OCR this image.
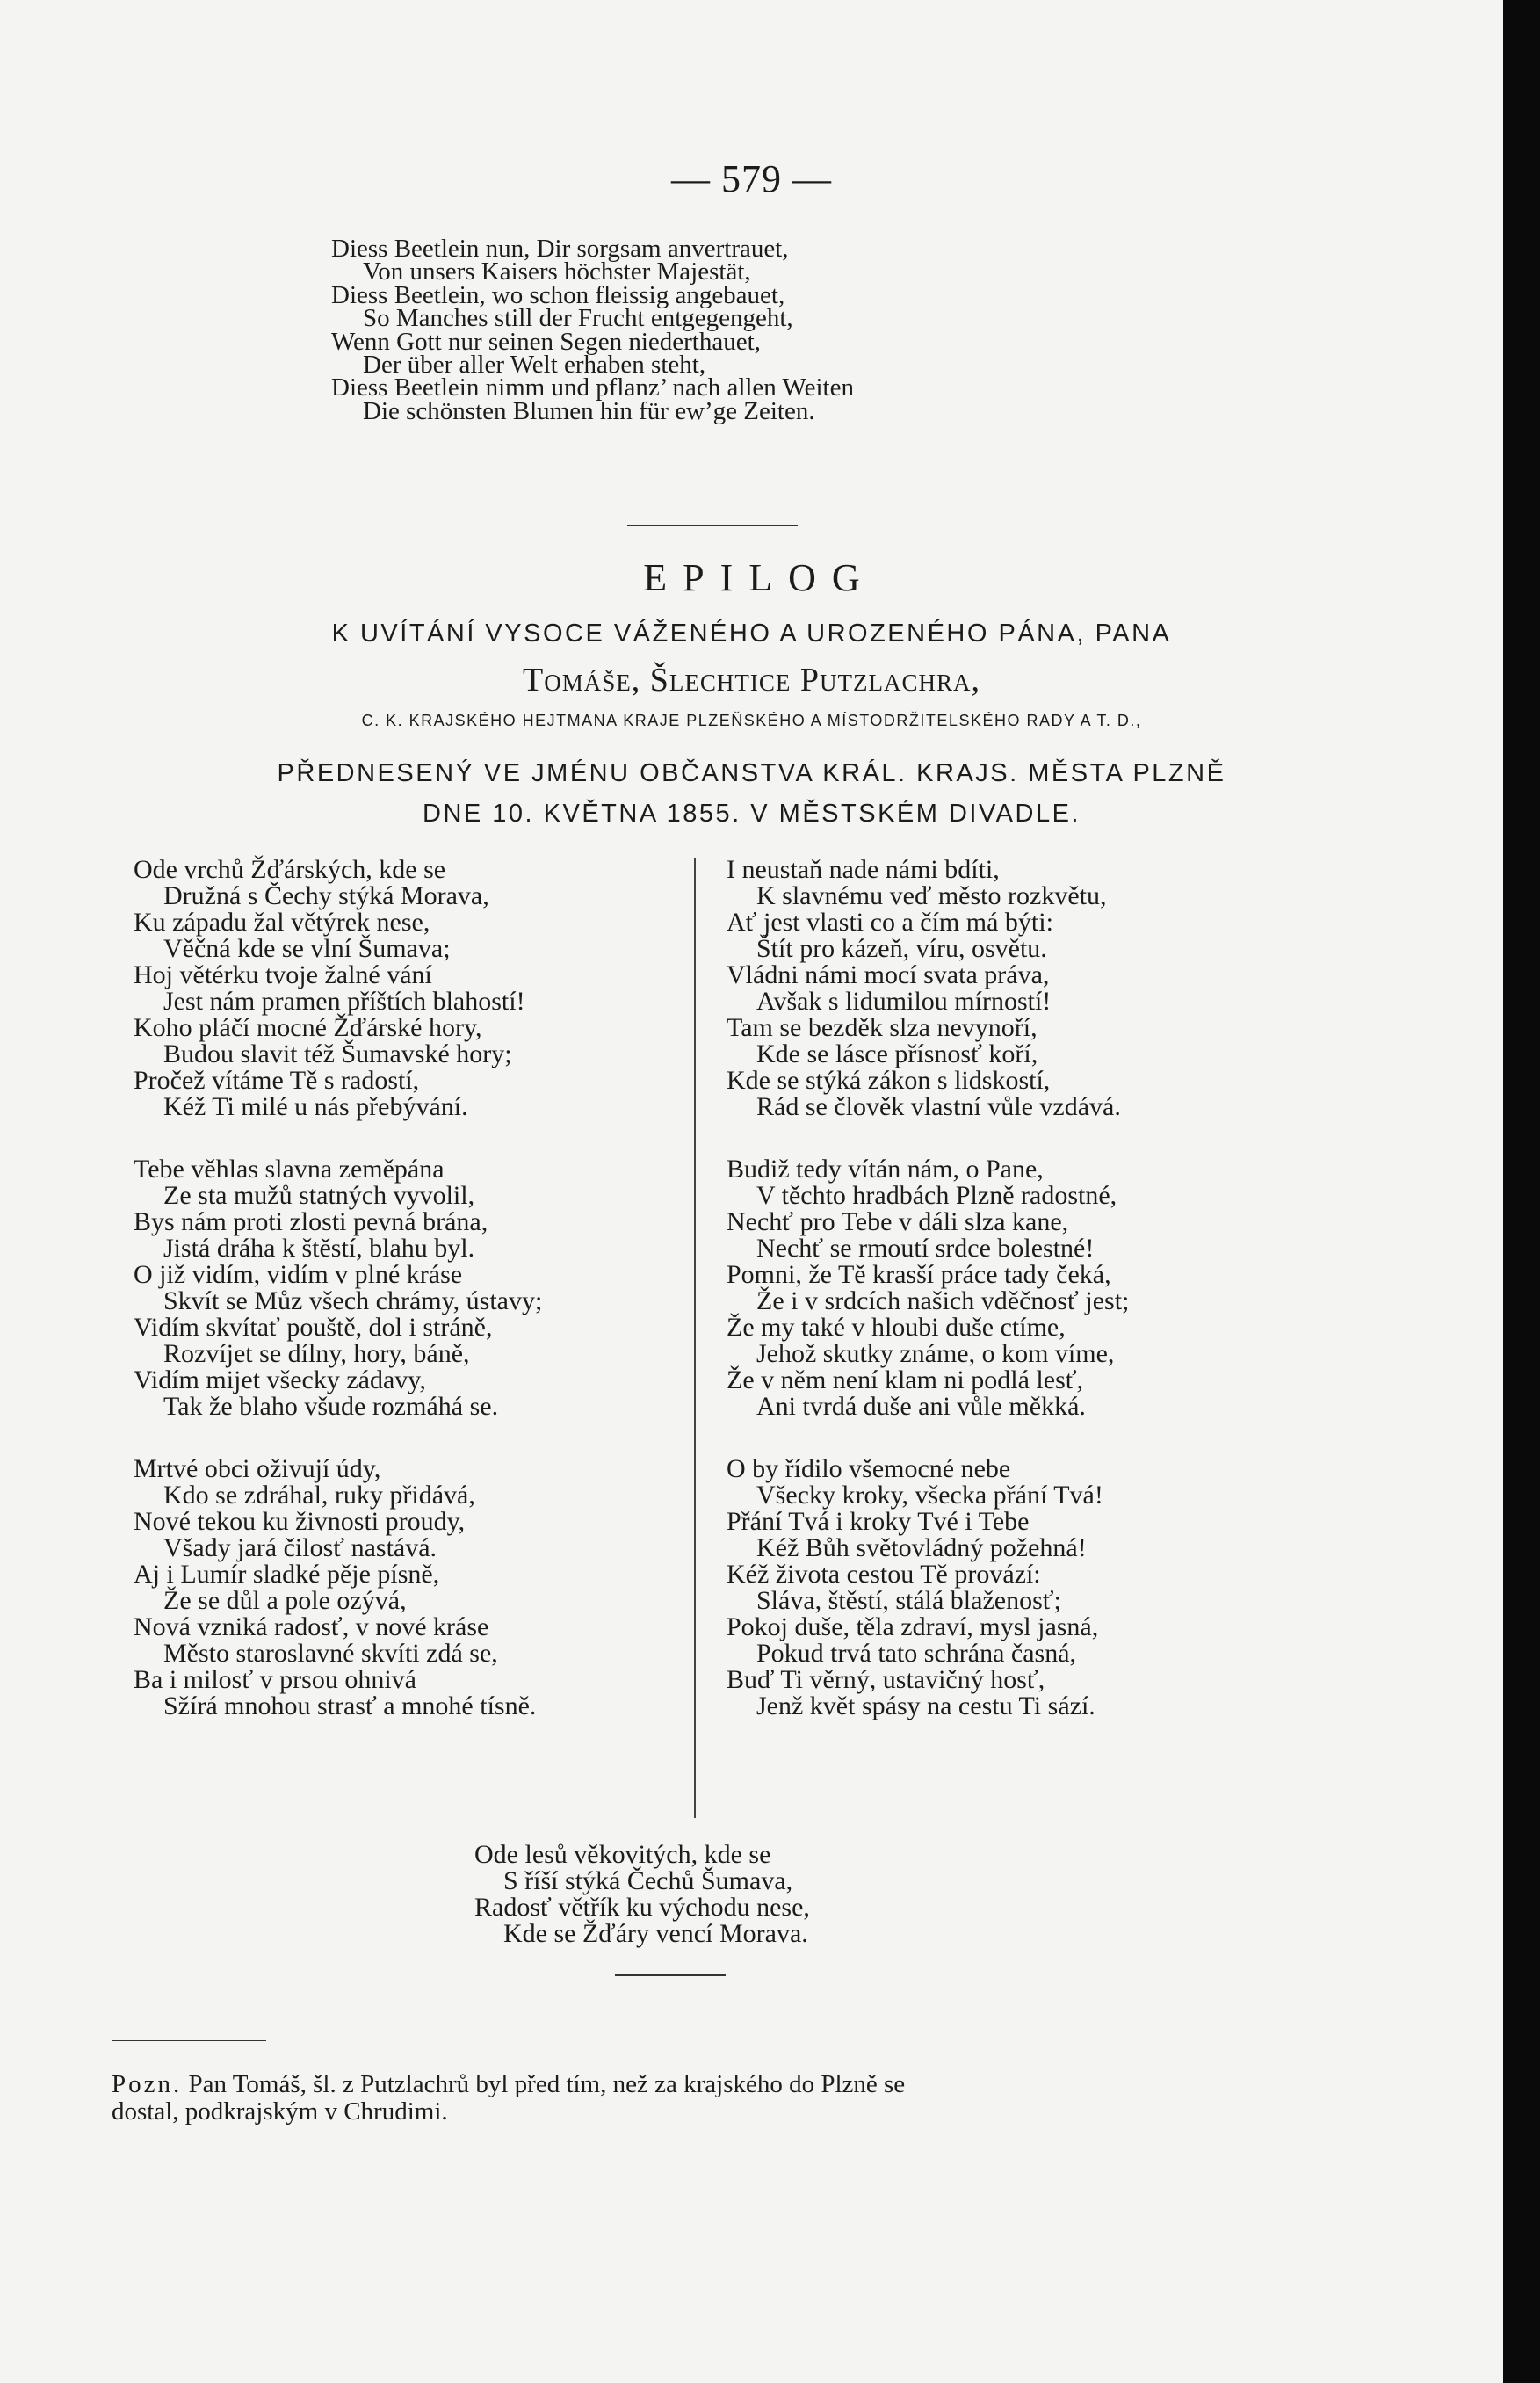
— 579 —
Diess Beetlein nun, Dir sorgsam anvertrauet,
Von unsers Kaisers höchster Majestät,
Diess Beetlein, wo schon fleissig angebauet,
So Manches still der Frucht entgegengeht,
Wenn Gott nur seinen Segen niederthauet,
Der über aller Welt erhaben steht,
Diess Beetlein nimm und pflanz’ nach allen Weiten
Die schönsten Blumen hin für ew’ge Zeiten.
EPILOG
K UVÍTÁNÍ VYSOCE VÁŽENÉHO A UROZENÉHO PÁNA, PANA
Tomáše, Šlechtice Putzlachra,
C. K. KRAJSKÉHO HEJTMANA KRAJE PLZEŇSKÉHO A MÍSTODRŽITELSKÉHO RADY A T. D.,
PŘEDNESENÝ VE JMÉNU OBČANSTVA KRÁL. KRAJS. MĚSTA PLZNĚ
DNE 10. KVĚTNA 1855. V MĚSTSKÉM DIVADLE.
Ode vrchů Žďárských, kde se
Družná s Čechy stýká Morava,
Ku západu žal větýrek nese,
Věčná kde se vlní Šumava;
Hoj větérku tvoje žalné vání
Jest nám pramen příštích blahostí!
Koho pláčí mocné Žďárské hory,
Budou slavit též Šumavské hory;
Pročež vítáme Tě s radostí,
Kéž Ti milé u nás přebývání.
Tebe věhlas slavna zeměpána
Ze sta mužů statných vyvolil,
Bys nám proti zlosti pevná brána,
Jistá dráha k štěstí, blahu byl.
O již vidím, vidím v plné kráse
Skvít se Můz všech chrámy, ústavy;
Vidím skvítať pouště, dol i stráně,
Rozvíjet se dílny, hory, báně,
Vidím mijet všecky zádavy,
Tak že blaho všude rozmáhá se.
Mrtvé obci oživují údy,
Kdo se zdráhal, ruky přidává,
Nové tekou ku živnosti proudy,
Všady jará čilosť nastává.
Aj i Lumír sladké pěje písně,
Že se důl a pole ozývá,
Nová vzniká radosť, v nové kráse
Město staroslavné skvíti zdá se,
Ba i milosť v prsou ohnivá
Sžírá mnohou strasť a mnohé tísně.
I neustaň nade námi bdíti,
K slavnému veď město rozkvětu,
Ať jest vlasti co a čím má býti:
Štít pro kázeň, víru, osvětu.
Vládni námi mocí svata práva,
Avšak s lidumilou mírností!
Tam se bezděk slza nevynoří,
Kde se lásce přísnosť koří,
Kde se stýká zákon s lidskostí,
Rád se člověk vlastní vůle vzdává.
Budiž tedy vítán nám, o Pane,
V těchto hradbách Plzně radostné,
Nechť pro Tebe v dáli slza kane,
Nechť se rmoutí srdce bolestné!
Pomni, že Tě krasší práce tady čeká,
Že i v srdcích našich vděčnosť jest;
Že my také v hloubi duše ctíme,
Jehož skutky známe, o kom víme,
Že v něm není klam ni podlá lesť,
Ani tvrdá duše ani vůle měkká.
O by řídilo všemocné nebe
Všecky kroky, všecka přání Tvá!
Přání Tvá i kroky Tvé i Tebe
Kéž Bůh světovládný požehná!
Kéž života cestou Tě provází:
Sláva, štěstí, stálá blaženosť;
Pokoj duše, těla zdraví, mysl jasná,
Pokud trvá tato schrána časná,
Buď Ti věrný, ustavičný hosť,
Jenž květ spásy na cestu Ti sází.
Ode lesů věkovitých, kde se
S říší stýká Čechů Šumava,
Radosť větřík ku východu nese,
Kde se Žďáry vencí Morava.
Pozn. Pan Tomáš, šl. z Putzlachrů byl před tím, než za krajského do Plzně se
dostal, podkrajským v Chrudimi.
